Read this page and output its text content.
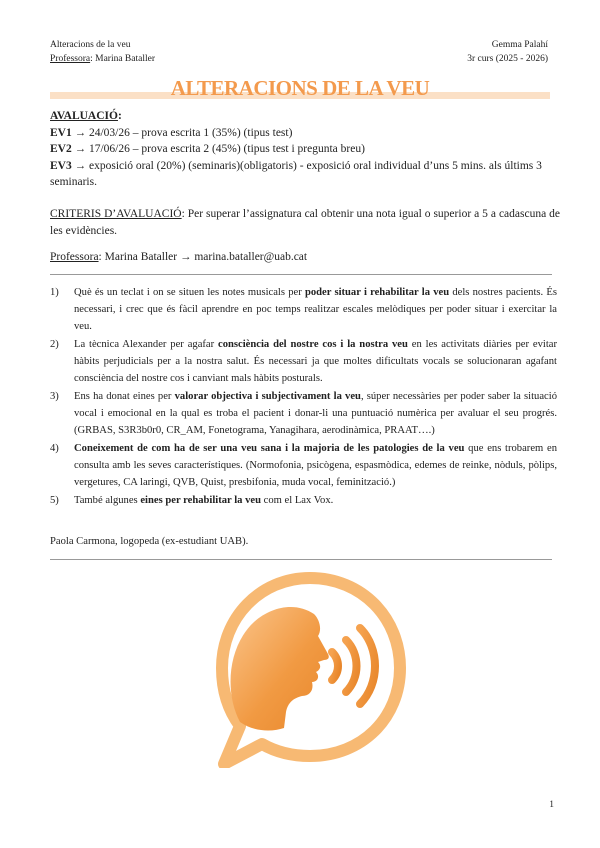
Alteracions de la veu
Professora: Marina Bataller
Gemma Palahí
3r curs (2025 - 2026)
ALTERACIONS DE LA VEU
AVALUACIÓ:
EV1 → 24/03/26 – prova escrita 1 (35%) (tipus test)
EV2 → 17/06/26 – prova escrita 2 (45%) (tipus test i pregunta breu)
EV3 → exposició oral (20%) (seminaris)(obligatoris) - exposició oral individual d’uns 5 mins. als últims 3 seminaris.
CRITERIS D’AVALUACIÓ: Per superar l’assignatura cal obtenir una nota igual o superior a 5 a cadascuna de les evidències.
Professora: Marina Bataller → marina.bataller@uab.cat
1)	Què és un teclat i on se situen les notes musicals per poder situar i rehabilitar la veu dels nostres pacients. És necessari, i crec que és fàcil aprendre en poc temps realitzar escales melòdiques per poder situar i exercitar la veu.
2)	La tècnica Alexander per agafar consciència del nostre cos i la nostra veu en les activitats diàries per evitar hàbits perjudicials per a la nostra salut. És necessari ja que moltes dificultats vocals se solucionaran agafant consciència del nostre cos i canviant mals hàbits posturals.
3)	Ens ha donat eines per valorar objectiva i subjectivament la veu, súper necessàries per poder saber la situació vocal i emocional en la qual es troba el pacient i donar-li una puntuació numèrica per avaluar el seu progrés. (GRBAS, S3R3b0r0, CR_AM, Fonetograma, Yanagihara, aerodinàmica, PRAAT….)
4)	Coneixement de com ha de ser una veu sana i la majoria de les patologies de la veu que ens trobarem en consulta amb les seves característiques. (Normofonia, psicògena, espasmòdica, edemes de reinke, nòduls, pòlips, vergetures, CA laringi, QVB, Quist, presbifonia, muda vocal, feminització.)
5)	També algunes eines per rehabilitar la veu com el Lax Vox.
Paola Carmona, logopeda (ex-estudiant UAB).
1
